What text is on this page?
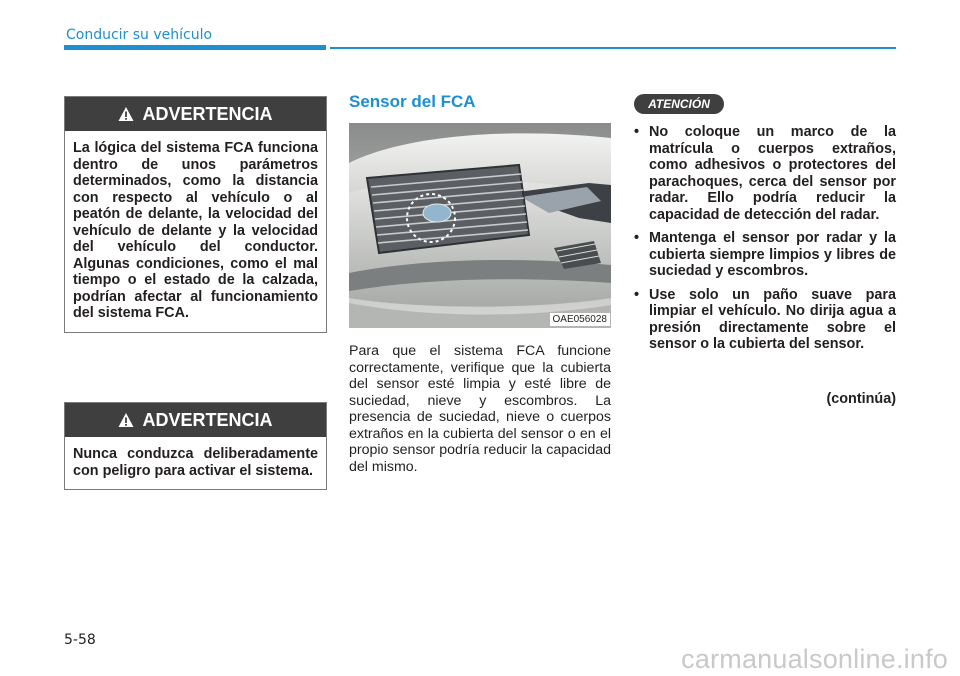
Conducir su vehículo
ADVERTENCIA
La lógica del sistema FCA funciona dentro de unos parámetros determinados, como la distancia con respecto al vehículo o al peatón de delante, la velocidad del vehículo de delante y la velocidad del vehículo del conductor. Algunas condiciones, como el mal tiempo o el estado de la calzada, podrían afectar al funcionamiento del sistema FCA.
ADVERTENCIA
Nunca conduzca deliberadamente con peligro para activar el sistema.
Sensor del FCA
OAE056028
Para que el sistema FCA funcione correctamente, verifique que la cubierta del sensor esté limpia y esté libre de suciedad, nieve y escombros. La presencia de suciedad, nieve o cuerpos extraños en la cubierta del sensor o en el propio sensor podría reducir la capacidad del mismo.
ATENCIÓN
• No coloque un marco de la matrícula o cuerpos extraños, como adhesivos o protectores del parachoques, cerca del sensor por radar. Ello podría reducir la capacidad de detección del radar.
• Mantenga el sensor por radar y la cubierta siempre limpios y libres de suciedad y escombros.
• Use solo un paño suave para limpiar el vehículo. No dirija agua a presión directamente sobre el sensor o la cubierta del sensor.
(continúa)
5-58
carmanualsonline.info
